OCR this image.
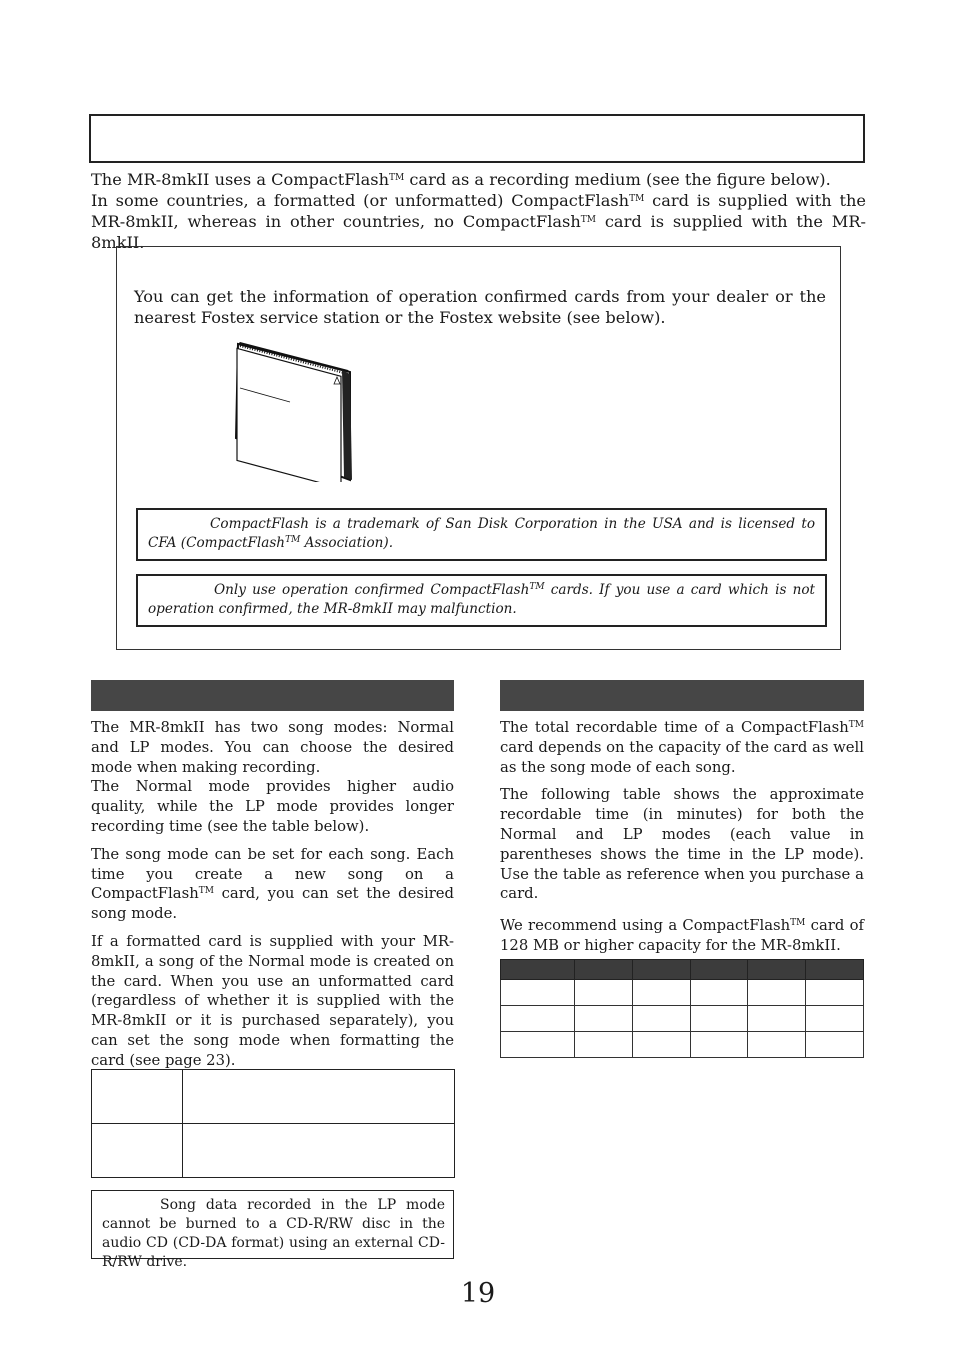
The MR-8mkII uses a CompactFlash™ card as a recording medium (see the figure below).
In some countries, a formatted (or unformatted) CompactFlash™ card is supplied with the MR-8mkII, whereas in other countries, no CompactFlash™ card is supplied with the MR-8mkII.
You can get the information of operation confirmed cards from your dealer or the nearest Fostex service station or the Fostex website (see below).
CompactFlash is a trademark of San Disk Corporation in the USA and is licensed to CFA (CompactFlash™ Association).
Only use operation confirmed CompactFlash™ cards. If you use a card which is not operation confirmed, the MR-8mkII may malfunction.

The MR-8mkII has two song modes: Normal and LP modes. You can choose the desired mode when making recording.

The Normal mode provides higher audio quality, while the LP mode provides longer recording time (see the table below).

The song mode can be set for each song. Each time you create a new song on a CompactFlash™ card, you can set the desired song mode.

If a formatted card is supplied with your MR-8mkII, a song of the Normal mode is created on the card. When you use an unformatted card (regardless of whether it is supplied with the MR-8mkII or it is purchased separately), you can set the song mode when formatting the card (see page 23).

Song data recorded in the LP mode cannot be burned to a CD-R/RW disc in the audio CD (CD-DA format) using an external CD-R/RW drive.

The total recordable time of a CompactFlash™ card depends on the capacity of the card as well as the song mode of each song.

The following table shows the approximate recordable time (in minutes) for both the Normal and LP modes (each value in parentheses shows the time in the LP mode). Use the table as reference when you purchase a card.

We recommend using a CompactFlash™ card of 128 MB or higher capacity for the MR-8mkII.

19
